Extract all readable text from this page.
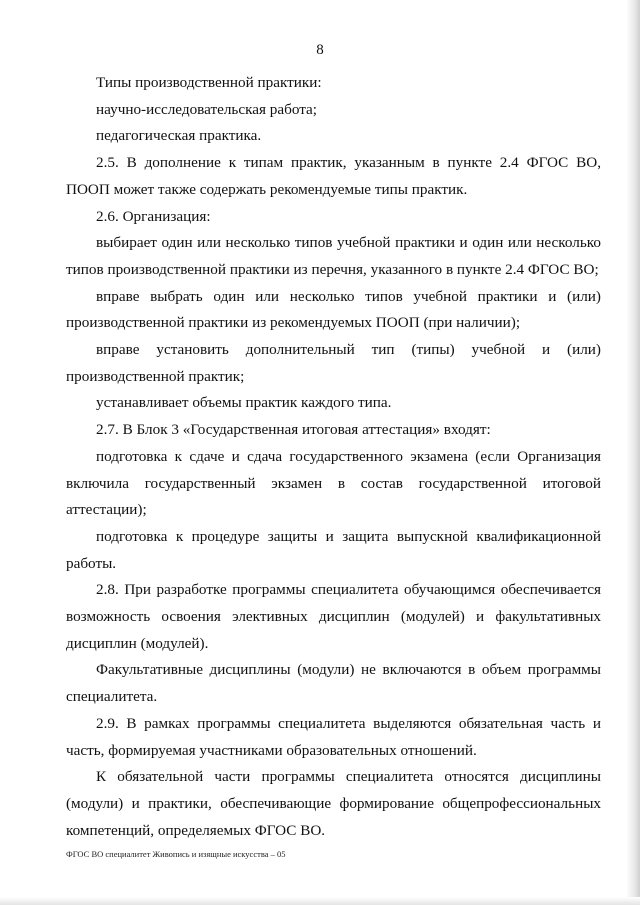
8

Типы производственной практики:

научно-исследовательская работа;

педагогическая практика.

2.5. В дополнение к типам практик, указанным в пункте 2.4 ФГОС ВО, ПООП может также содержать рекомендуемые типы практик.

2.6. Организация:

выбирает один или несколько типов учебной практики и один или несколько типов производственной практики из перечня, указанного в пункте 2.4 ФГОС ВО;

вправе выбрать один или несколько типов учебной практики и (или) производственной практики из рекомендуемых ПООП (при наличии);

вправе установить дополнительный тип (типы) учебной и (или) производственной практик;

устанавливает объемы практик каждого типа.

2.7. В Блок 3 «Государственная итоговая аттестация» входят:

подготовка к сдаче и сдача государственного экзамена (если Организация включила государственный экзамен в состав государственной итоговой аттестации);

подготовка к процедуре защиты и защита выпускной квалификационной работы.

2.8. При разработке программы специалитета обучающимся обеспечивается возможность освоения элективных дисциплин (модулей) и факультативных дисциплин (модулей).

Факультативные дисциплины (модули) не включаются в объем программы специалитета.

2.9. В рамках программы специалитета выделяются обязательная часть и часть, формируемая участниками образовательных отношений.

К обязательной части программы специалитета относятся дисциплины (модули) и практики, обеспечивающие формирование общепрофессиональных компетенций, определяемых ФГОС ВО.

ФГОС ВО специалитет Живопись и изящные искусства – 05
